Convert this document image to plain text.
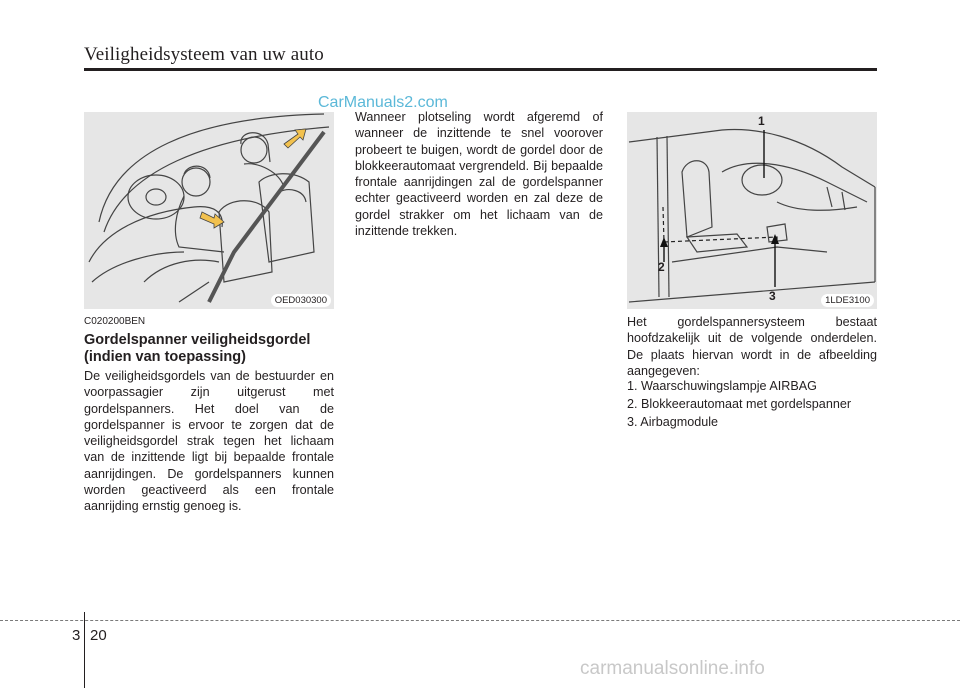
Veiligheidsysteem van uw auto
CarManuals2.com
OED030300
1
2
3	1LDE3100
C020200BEN
Gordelspanner veiligheidsgordel (indien van toepassing)

De veiligheidsgordels van de bestuurder en voorpassagier zijn uitgerust met gordelspanners. Het doel van de gordelspanner is ervoor te zorgen dat de veiligheidsgordel strak tegen het lichaam van de inzittende ligt bij bepaalde frontale aanrijdingen. De gordelspanners kunnen worden geactiveerd als een frontale aanrijding ernstig genoeg is.

Wanneer plotseling wordt afgeremd of wanneer de inzittende te snel voorover probeert te buigen, wordt de gordel door de blokkeerautomaat vergrendeld. Bij bepaalde frontale aanrijdingen zal de gordelspanner echter geactiveerd worden en zal deze de gordel strakker om het lichaam van de inzittende trekken.

Het gordelspannersysteem bestaat hoofdzakelijk uit de volgende onderdelen. De plaats hiervan wordt in de afbeelding aangegeven:

1. Waarschuwingslampje AIRBAG
2. Blokkeerautomaat met gordelspanner
3. Airbagmodule
3 20
carmanualsonline.info
